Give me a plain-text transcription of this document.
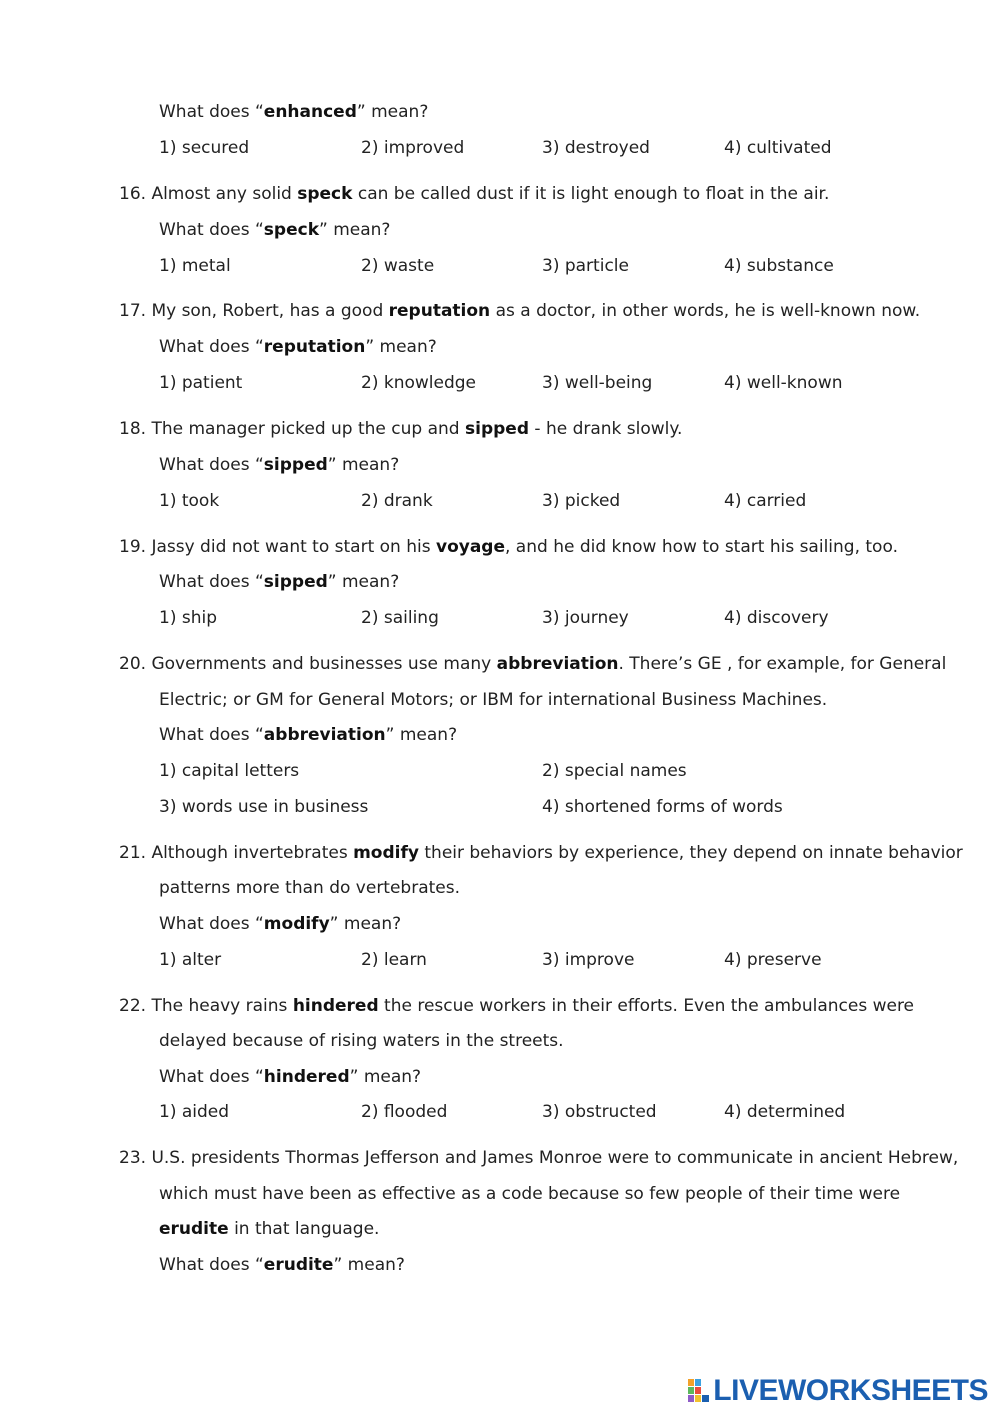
What does “enhanced” mean?
1) secured	2) improved	3) destroyed	4) cultivated
16. Almost any solid speck can be called dust if it is light enough to float in the air.
What does “speck” mean?
1) metal	2) waste	3) particle	4) substance
17. My son, Robert, has a good reputation as a doctor, in other words, he is well-known now.
What does “reputation” mean?
1) patient	2) knowledge	3) well-being	4) well-known
18. The manager picked up the cup and sipped - he drank slowly.
What does “sipped” mean?
1) took	2) drank	3) picked	4) carried
19. Jassy did not want to start on his voyage, and he did know how to start his sailing, too.
What does “sipped” mean?
1) ship	2) sailing	3) journey	4) discovery
20. Governments and businesses use many abbreviation. There’s GE , for example, for General
Electric; or GM for General Motors; or IBM for international Business Machines.
What does “abbreviation” mean?
1) capital letters	2) special names
3) words use in business	4) shortened forms of words
21. Although invertebrates modify their behaviors by experience, they depend on innate behavior
patterns more than do vertebrates.
What does “modify” mean?
1) alter	2) learn	3) improve	4) preserve
22. The heavy rains hindered the rescue workers in their efforts. Even the ambulances were
delayed because of rising waters in the streets.
What does “hindered” mean?
1) aided	2) flooded	3) obstructed	4) determined
23. U.S. presidents Thormas Jefferson and James Monroe were to communicate in ancient Hebrew,
which must have been as effective as a code because so few people of their time were
erudite in that language.
What does “erudite” mean?
LIVEWORKSHEETS
